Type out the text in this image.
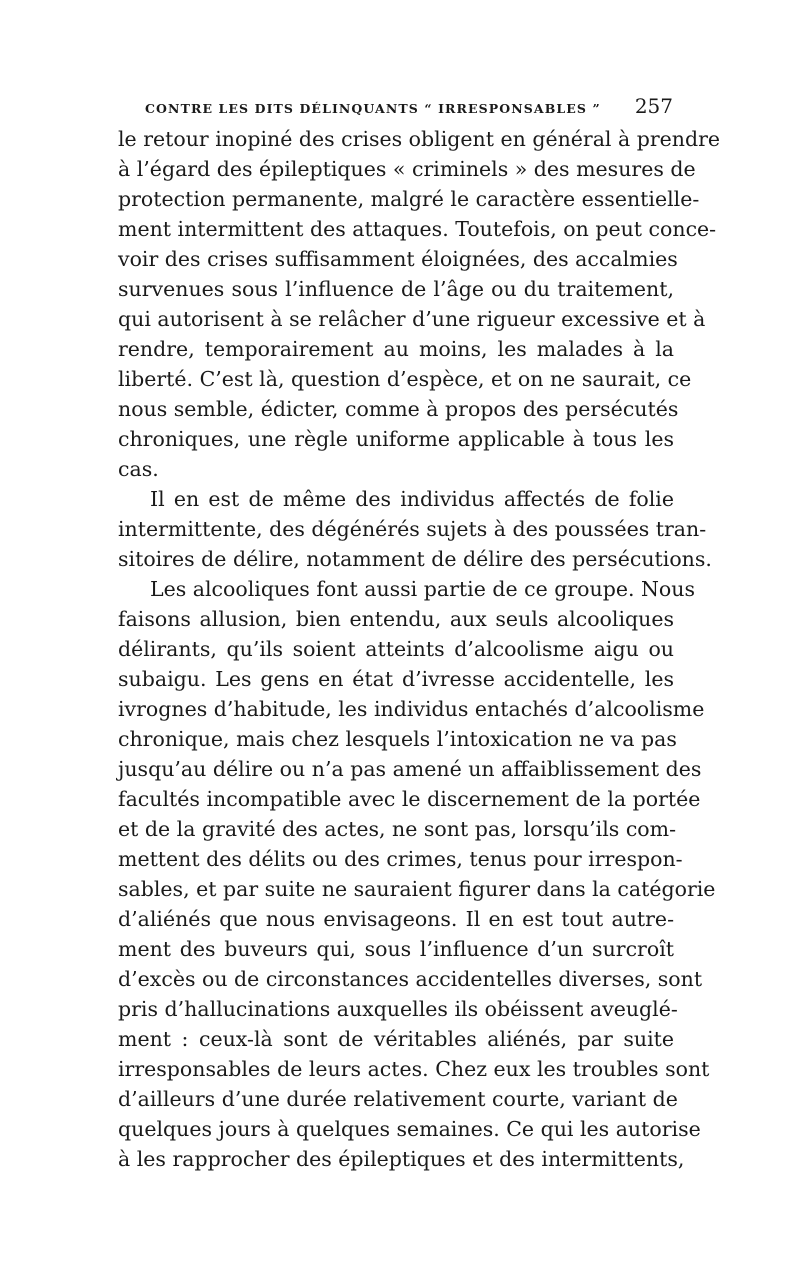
CONTRE LES DITS DÉLINQUANTS “ IRRESPONSABLES ” 257
le retour inopiné des crises obligent en général à prendre
à l’égard des épileptiques « criminels » des mesures de
protection permanente, malgré le caractère essentielle-
ment intermittent des attaques. Toutefois, on peut conce-
voir des crises suffisamment éloignées, des accalmies
survenues sous l’influence de l’âge ou du traitement,
qui autorisent à se relâcher d’une rigueur excessive et à
rendre, temporairement au moins, les malades à la
liberté. C’est là, question d’espèce, et on ne saurait, ce
nous semble, édicter, comme à propos des persécutés
chroniques, une règle uniforme applicable à tous les
cas.
Il en est de même des individus affectés de folie
intermittente, des dégénérés sujets à des poussées tran-
sitoires de délire, notamment de délire des persécutions.
Les alcooliques font aussi partie de ce groupe. Nous
faisons allusion, bien entendu, aux seuls alcooliques
délirants, qu’ils soient atteints d’alcoolisme aigu ou
subaigu. Les gens en état d’ivresse accidentelle, les
ivrognes d’habitude, les individus entachés d’alcoolisme
chronique, mais chez lesquels l’intoxication ne va pas
jusqu’au délire ou n’a pas amené un affaiblissement des
facultés incompatible avec le discernement de la portée
et de la gravité des actes, ne sont pas, lorsqu’ils com-
mettent des délits ou des crimes, tenus pour irrespon-
sables, et par suite ne sauraient figurer dans la catégorie
d’aliénés que nous envisageons. Il en est tout autre-
ment des buveurs qui, sous l’influence d’un surcroît
d’excès ou de circonstances accidentelles diverses, sont
pris d’hallucinations auxquelles ils obéissent aveuglé-
ment : ceux-là sont de véritables aliénés, par suite
irresponsables de leurs actes. Chez eux les troubles sont
d’ailleurs d’une durée relativement courte, variant de
quelques jours à quelques semaines. Ce qui les autorise
à les rapprocher des épileptiques et des intermittents,
